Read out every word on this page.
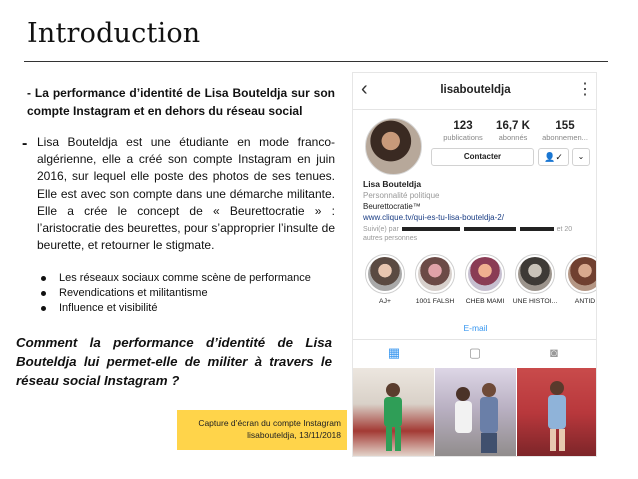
Introduction
- La performance d’identité de Lisa Bouteldja sur son compte Instagram et en dehors du réseau social
- Lisa Bouteldja est une étudiante en mode franco-algérienne, elle a créé son compte Instagram en juin 2016, sur lequel elle poste des photos de ses tenues. Elle est avec son compte dans une démarche militante. Elle a crée le concept de « Beurettocratie » : l’aristocratie des beurettes, pour s’approprier l’insulte de beurette, et retourner le stigmate.

Les réseaux sociaux comme scène de performance
Revendications et militantisme
Influence et visibilité
Comment la performance d’identité de Lisa Bouteldja lui permet-elle de militer à travers le réseau social Instagram ?
‹	lisabouteldja	⋮
123
publications
16,7 K
abonnés
155
abonnemen...
Contacter	👤✓	⌄
Lisa Bouteldja
Personnalité politique
Beurettocratie™
www.clique.tv/qui-es-tu-lisa-bouteldja-2/
Suivi(e) par	et 20
autres personnes
AJ+	1001 FALSH	CHEB MAMI	UNE HISTOI...	ANTID
E-mail
▦	▢	◙
Capture d’écran du compte Instagram
lisabouteldja, 13/11/2018
